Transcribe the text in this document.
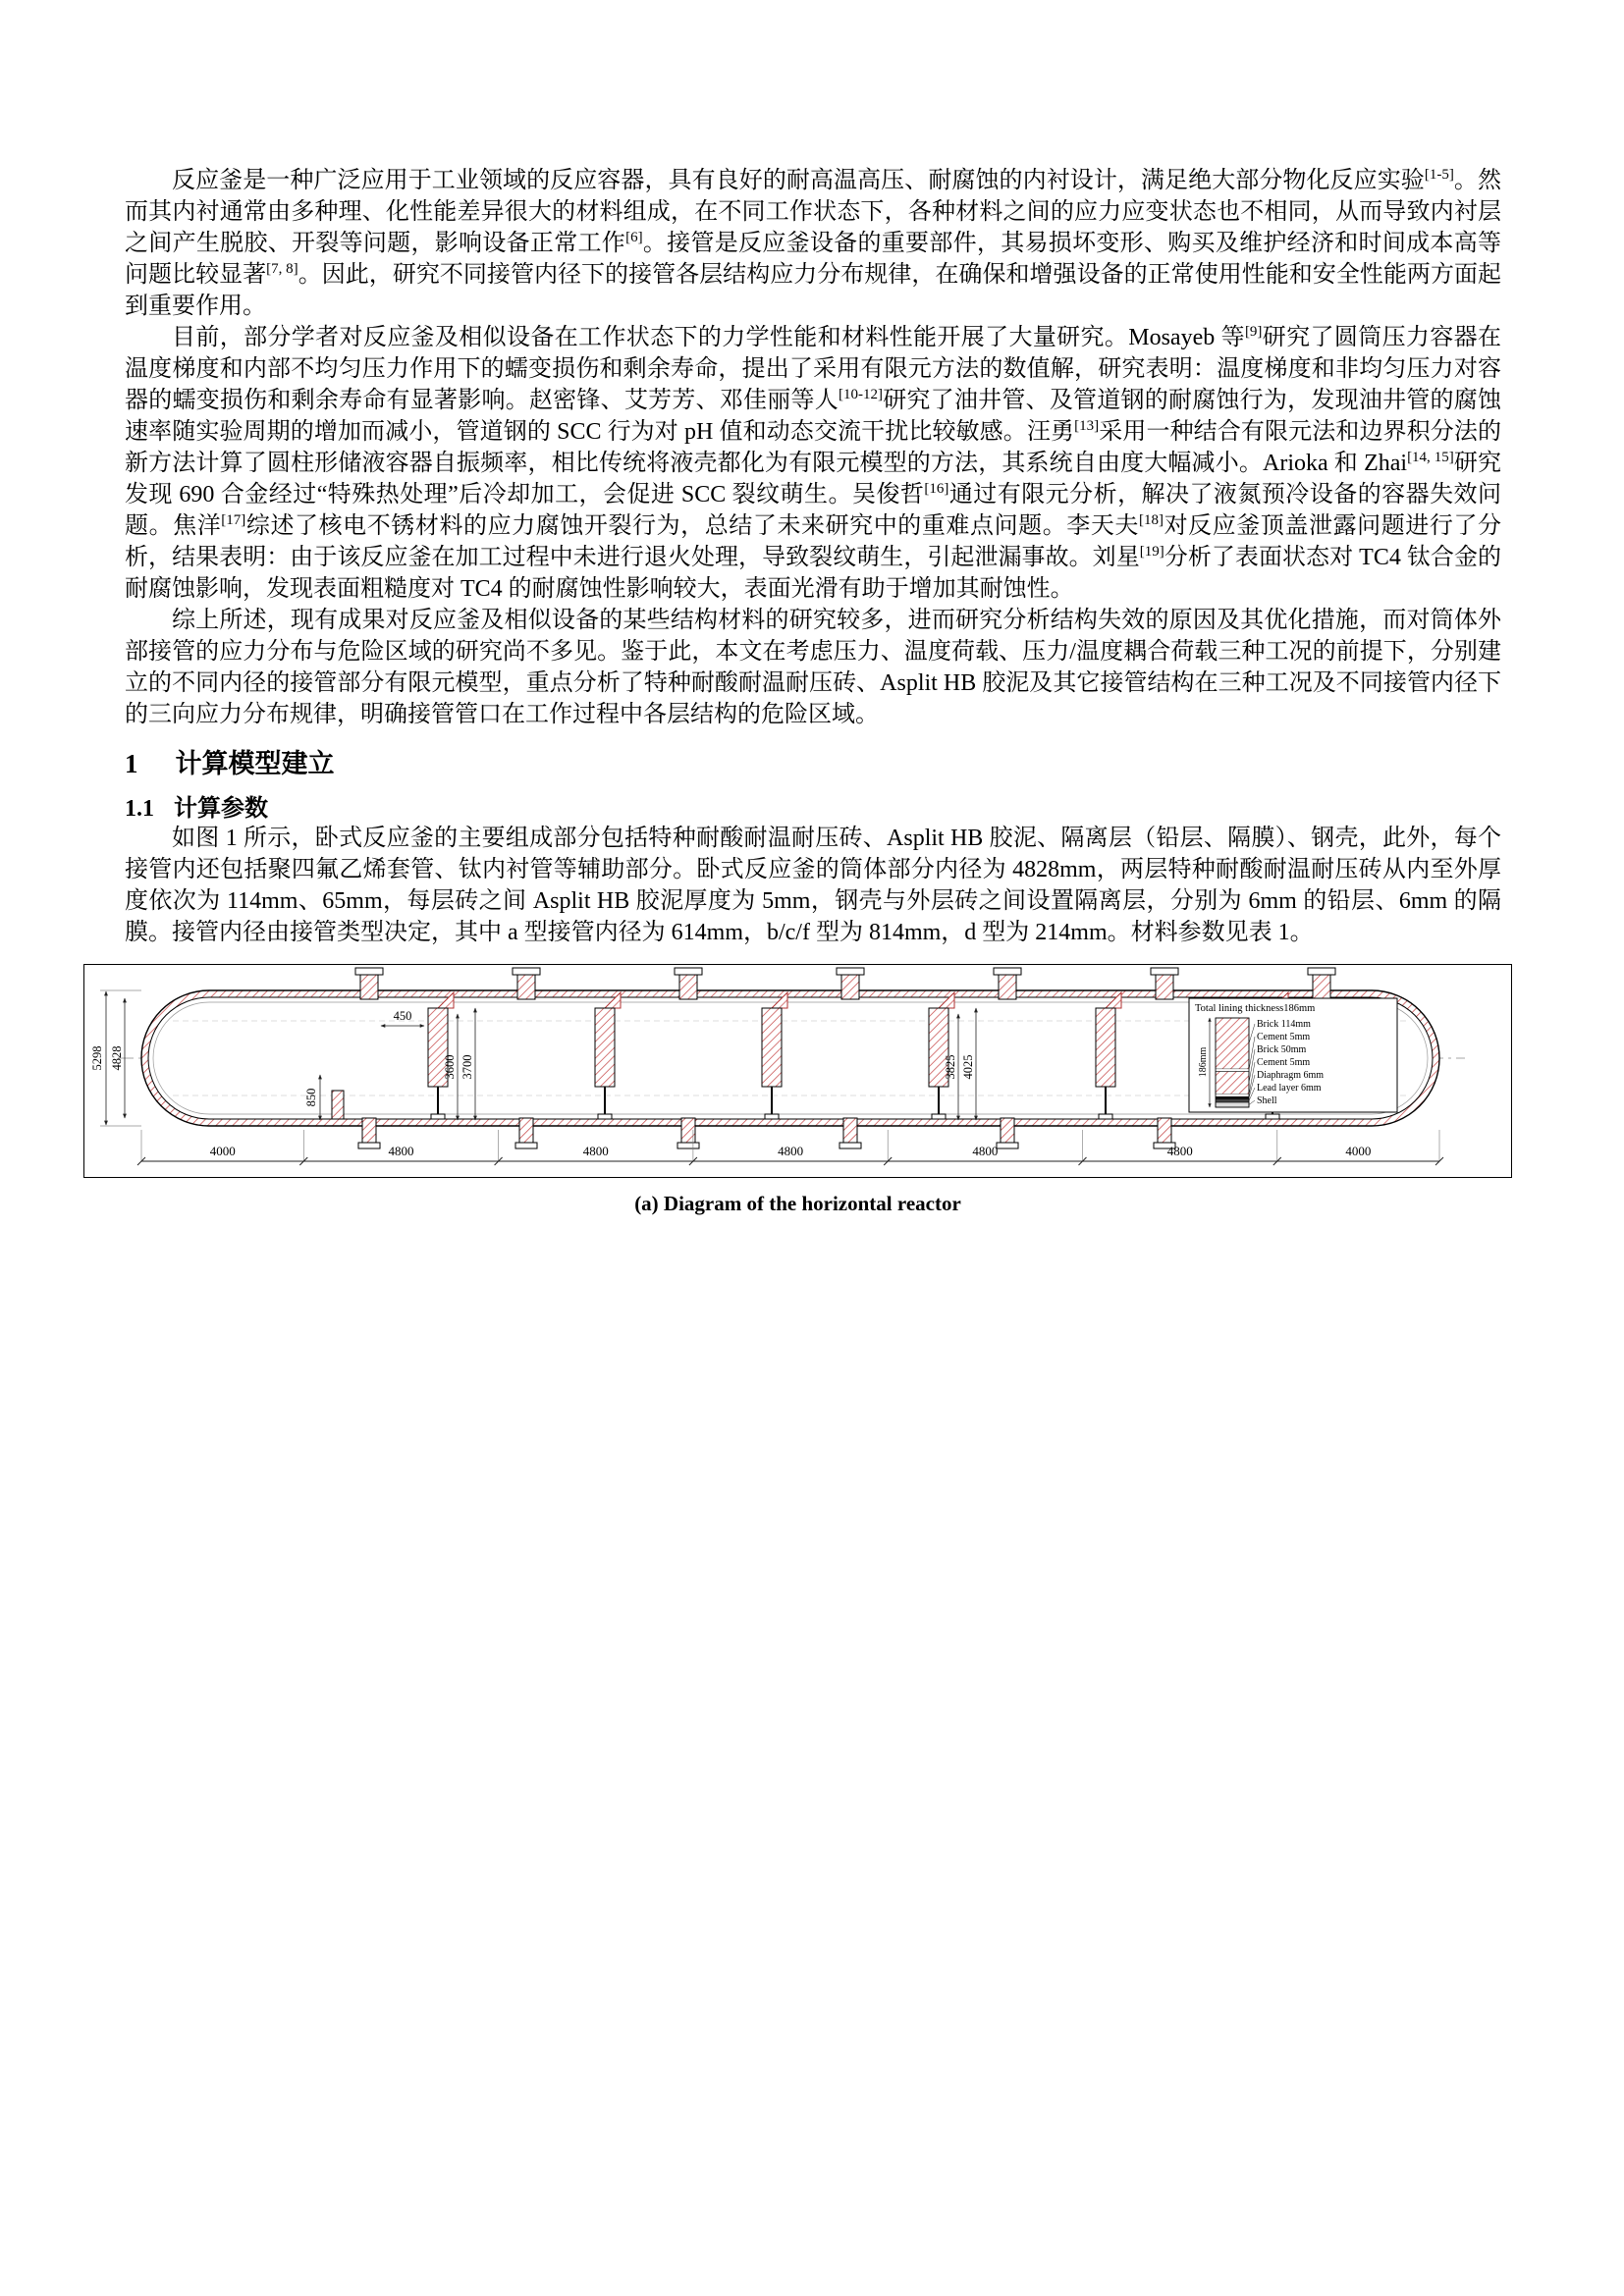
反应釜是一种广泛应用于工业领域的反应容器，具有良好的耐高温高压、耐腐蚀的内衬设计，满足绝大部分物化反应实验[1-5]。然而其内衬通常由多种理、化性能差异很大的材料组成，在不同工作状态下，各种材料之间的应力应变状态也不相同，从而导致内衬层之间产生脱胶、开裂等问题，影响设备正常工作[6]。接管是反应釜设备的重要部件，其易损坏变形、购买及维护经济和时间成本高等问题比较显著[7, 8]。因此，研究不同接管内径下的接管各层结构应力分布规律，在确保和增强设备的正常使用性能和安全性能两方面起到重要作用。

目前，部分学者对反应釜及相似设备在工作状态下的力学性能和材料性能开展了大量研究。Mosayeb 等[9]研究了圆筒压力容器在温度梯度和内部不均匀压力作用下的蠕变损伤和剩余寿命，提出了采用有限元方法的数值解，研究表明：温度梯度和非均匀压力对容器的蠕变损伤和剩余寿命有显著影响。赵密锋、艾芳芳、邓佳丽等人[10-12]研究了油井管、及管道钢的耐腐蚀行为，发现油井管的腐蚀速率随实验周期的增加而减小，管道钢的 SCC 行为对 pH 值和动态交流干扰比较敏感。汪勇[13]采用一种结合有限元法和边界积分法的新方法计算了圆柱形储液容器自振频率，相比传统将液壳都化为有限元模型的方法，其系统自由度大幅减小。Arioka 和 Zhai[14, 15]研究发现 690 合金经过“特殊热处理”后冷却加工，会促进 SCC 裂纹萌生。吴俊哲[16]通过有限元分析，解决了液氮预冷设备的容器失效问题。焦洋[17]综述了核电不锈材料的应力腐蚀开裂行为，总结了未来研究中的重难点问题。李天夫[18]对反应釜顶盖泄露问题进行了分析，结果表明：由于该反应釜在加工过程中未进行退火处理，导致裂纹萌生，引起泄漏事故。刘星[19]分析了表面状态对 TC4 钛合金的耐腐蚀影响，发现表面粗糙度对 TC4 的耐腐蚀性影响较大，表面光滑有助于增加其耐蚀性。

综上所述，现有成果对反应釜及相似设备的某些结构材料的研究较多，进而研究分析结构失效的原因及其优化措施，而对筒体外部接管的应力分布与危险区域的研究尚不多见。鉴于此，本文在考虑压力、温度荷载、压力/温度耦合荷载三种工况的前提下，分别建立的不同内径的接管部分有限元模型，重点分析了特种耐酸耐温耐压砖、Asplit HB 胶泥及其它接管结构在三种工况及不同接管内径下的三向应力分布规律，明确接管管口在工作过程中各层结构的危险区域。

1 计算模型建立
1.1 计算参数

如图 1 所示，卧式反应釜的主要组成部分包括特种耐酸耐温耐压砖、Asplit HB 胶泥、隔离层（铅层、隔膜）、钢壳，此外，每个接管内还包括聚四氟乙烯套管、钛内衬管等辅助部分。卧式反应釜的筒体部分内径为 4828mm，两层特种耐酸耐温耐压砖从内至外厚度依次为 114mm、65mm，每层砖之间 Asplit HB 胶泥厚度为 5mm，钢壳与外层砖之间设置隔离层，分别为 6mm 的铅层、6mm 的隔膜。接管内径由接管类型决定，其中 a 型接管内径为 614mm，b/c/f 型为 814mm，d 型为 214mm。材料参数见表 1。

5298 4828
450
850
3600 3700	3825 4025
Total lining thickness186mm
186mm
Brick 114mm
Cement 5mm
Brick 50mm
Cement 5mm
Diaphragm 6mm
Lead layer 6mm
Shell
4000	4800	4800	4800	4800	4800	4000

(a) Diagram of the horizontal reactor
